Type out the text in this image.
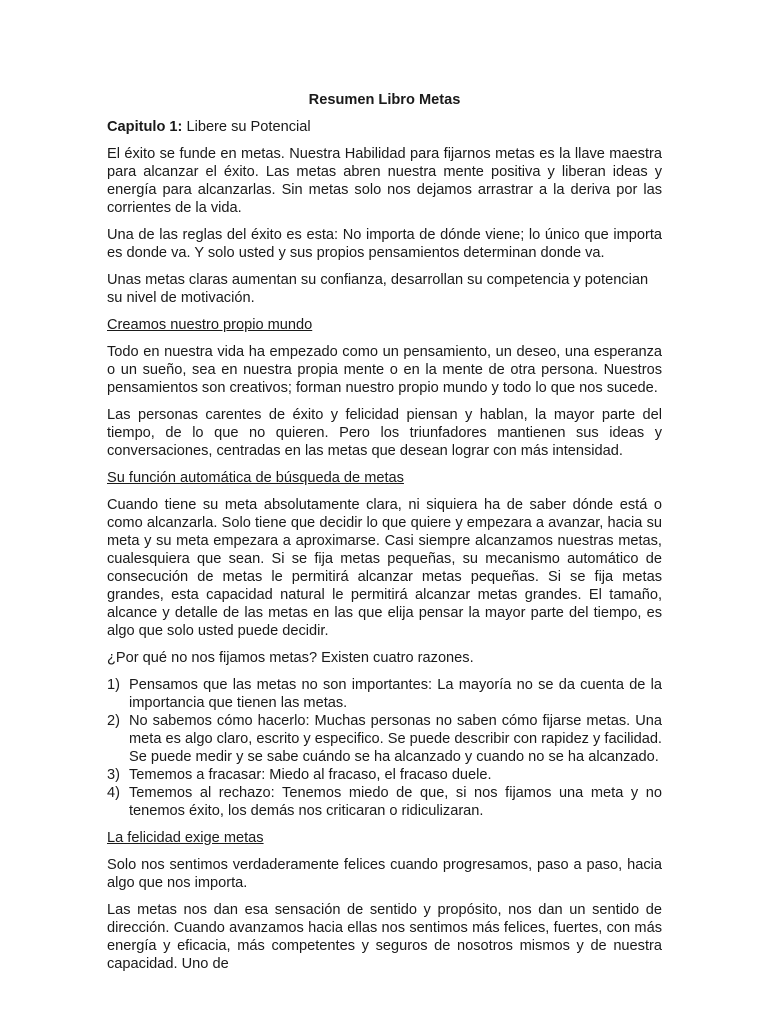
Resumen Libro Metas
Capitulo 1: Libere su Potencial

El éxito se funde en metas. Nuestra Habilidad para fijarnos metas es la llave maestra para alcanzar el éxito. Las metas abren nuestra mente positiva y liberan ideas y energía para alcanzarlas. Sin metas solo nos dejamos arrastrar a la deriva por las corrientes de la vida.

Una de las reglas del éxito es esta: No importa de dónde viene; lo único que importa es donde va. Y solo usted y sus propios pensamientos determinan donde va.

Unas metas claras aumentan su confianza, desarrollan su competencia y potencian su nivel de motivación.

Creamos nuestro propio mundo

Todo en nuestra vida ha empezado como un pensamiento, un deseo, una esperanza o un sueño, sea en nuestra propia mente o en la mente de otra persona. Nuestros pensamientos son creativos; forman nuestro propio mundo y todo lo que nos sucede.

Las personas carentes de éxito y felicidad piensan y hablan, la mayor parte del tiempo, de lo que no quieren. Pero los triunfadores mantienen sus ideas y conversaciones, centradas en las metas que desean lograr con más intensidad.

Su función automática de búsqueda de metas

Cuando tiene su meta absolutamente clara, ni siquiera ha de saber dónde está o como alcanzarla. Solo tiene que decidir lo que quiere y empezara a avanzar, hacia su meta y su meta empezara a aproximarse. Casi siempre alcanzamos nuestras metas, cualesquiera que sean. Si se fija metas pequeñas, su mecanismo automático de consecución de metas le permitirá alcanzar metas pequeñas. Si se fija metas grandes, esta capacidad natural le permitirá alcanzar metas grandes. El tamaño, alcance y detalle de las metas en las que elija pensar la mayor parte del tiempo, es algo que solo usted puede decidir.

¿Por qué no nos fijamos metas? Existen cuatro razones.

1) Pensamos que las metas no son importantes: La mayoría no se da cuenta de la importancia que tienen las metas.
2) No sabemos cómo hacerlo: Muchas personas no saben cómo fijarse metas. Una meta es algo claro, escrito y especifico. Se puede describir con rapidez y facilidad. Se puede medir y se sabe cuándo se ha alcanzado y cuando no se ha alcanzado.
3) Tememos a fracasar: Miedo al fracaso, el fracaso duele.
4) Tememos al rechazo: Tenemos miedo de que, si nos fijamos una meta y no tenemos éxito, los demás nos criticaran o ridiculizaran.
La felicidad exige metas

Solo nos sentimos verdaderamente felices cuando progresamos, paso a paso, hacia algo que nos importa.

Las metas nos dan esa sensación de sentido y propósito, nos dan un sentido de dirección. Cuando avanzamos hacia ellas nos sentimos más felices, fuertes, con más energía y eficacia, más competentes y seguros de nosotros mismos y de nuestra capacidad. Uno de
